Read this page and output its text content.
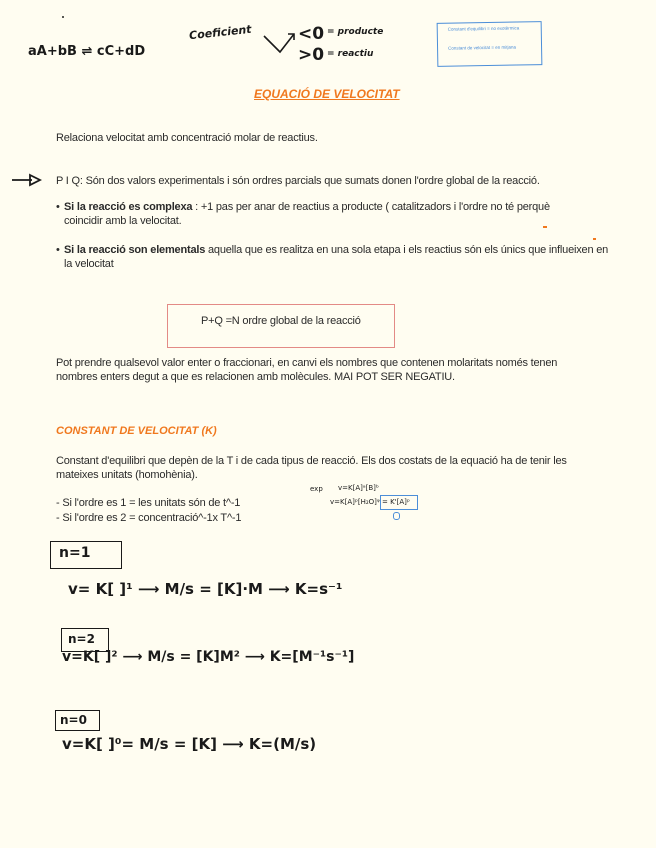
aA+bB ⇌ cC+dD
Coeficient	<0 = producte
>0 = reactiu
Constant d'equilibri = no exotèrmica
Constant de velocitat = en mitjana
EQUACIÓ DE VELOCITAT
Relaciona velocitat amb concentració molar de reactius.
P I Q: Són dos valors experimentals i són ordres parcials que sumats donen l'ordre global de la reacció.
• Si la reacció es complexa : +1 pas per anar de reactius a producte ( catalitzadors i l'ordre no té perquè coincidir amb la velocitat.
• Si la reacció son elementals aquella que es realitza en una sola etapa i els reactius són els únics que influeixen en la velocitat
P+Q =N ordre global de la reacció
Pot prendre qualsevol valor enter o fraccionari, en canvi els nombres que contenen molaritats només tenen nombres enters degut a que es relacionen amb molècules. MAI POT SER NEGATIU.
CONSTANT DE VELOCITAT (K)
Constant d'equilibri que depèn de la T i de cada tipus de reacció. Els dos costats de la equació ha de tenir les mateixes unitats (homohènia).
- Si l'ordre es 1 = les unitats són de t^-1
- Si l'ordre es 2 = concentració^-1x T^-1
exp v=K[A]ᵃ[B]ᵇ
v=K[A]ᵖ[H₂O]ᵠ = K'[A]ᵖ
n=1
v= K[ ]¹ ⟶ M/s = [K]·M ⟶ K=s⁻¹
n=2
v=K[ ]² ⟶ M/s = [K]M² ⟶ K=[M⁻¹s⁻¹]
n=0
v=K[ ]⁰= M/s = [K] ⟶ K=(M/s)
